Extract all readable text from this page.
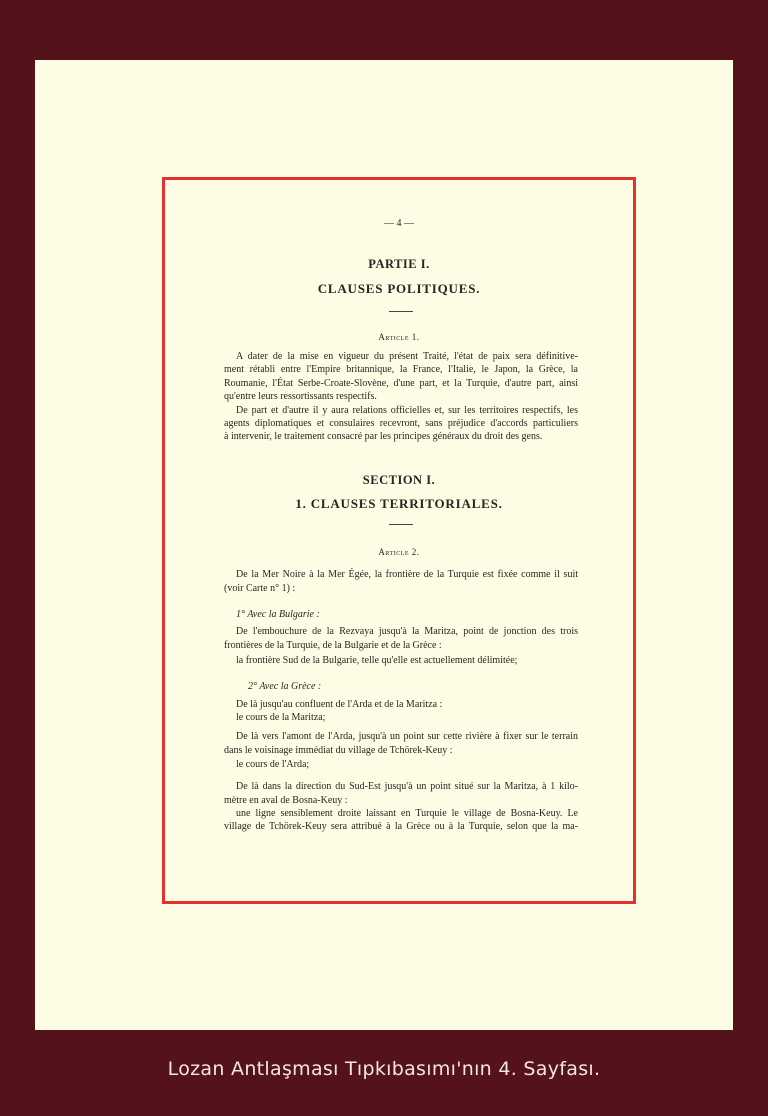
— 4 —
PARTIE I.
CLAUSES POLITIQUES.
Article 1.
A dater de la mise en vigueur du présent Traité, l'état de paix sera définitive-
ment rétabli entre l'Empire britannique, la France, l'Italie, le Japon, la Grèce, la
Roumanie, l'État Serbe-Croate-Slovène, d'une part, et la Turquie, d'autre part, ainsi
qu'entre leurs ressortissants respectifs.
De part et d'autre il y aura relations officielles et, sur les territoires respectifs, les
agents diplomatiques et consulaires recevront, sans préjudice d'accords particuliers
à intervenir, le traitement consacré par les principes généraux du droit des gens.
SECTION I.
1. CLAUSES TERRITORIALES.
Article 2.
De la Mer Noire à la Mer Égée, la frontière de la Turquie est fixée comme il suit
(voir Carte n° 1) :
1° Avec la Bulgarie :
De l'embouchure de la Rezvaya jusqu'à la Maritza, point de jonction des trois
frontières de la Turquie, de la Bulgarie et de la Grèce :
la frontière Sud de la Bulgarie, telle qu'elle est actuellement délimitée;
2° Avec la Grèce :
De là jusqu'au confluent de l'Arda et de la Maritza :
le cours de la Maritza;
De là vers l'amont de l'Arda, jusqu'à un point sur cette rivière à fixer sur le terrain
dans le voisinage immédiat du village de Tchörek-Keuy :
le cours de l'Arda;
De là dans la direction du Sud-Est jusqu'à un point situé sur la Maritza, à 1 kilo-
mètre en aval de Bosna-Keuy :
une ligne sensiblement droite laissant en Turquie le village de Bosna-Keuy. Le
village de Tchörek-Keuy sera attribué à la Grèce ou à la Turquie, selon que la ma-
Lozan Antlaşması Tıpkıbasımı'nın 4. Sayfası.
